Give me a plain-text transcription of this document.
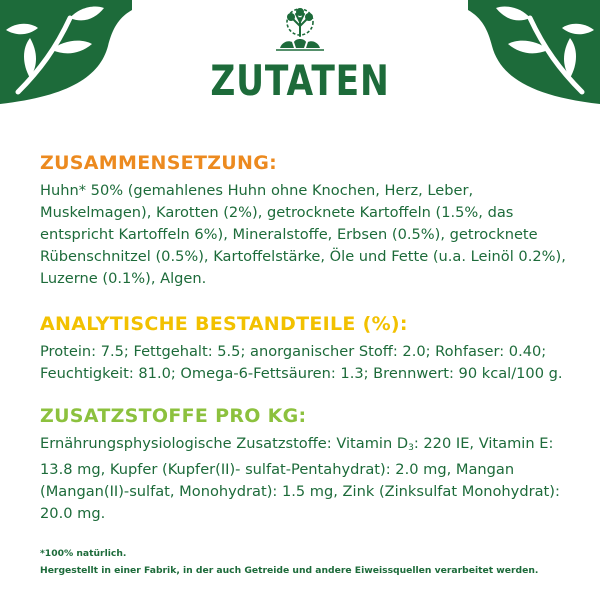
ZUTATEN
ZUSAMMENSETZUNG:

Huhn* 50% (gemahlenes Huhn ohne Knochen, Herz, Leber, Muskelmagen), Karotten (2%), getrocknete Kartoffeln (1.5%, das entspricht Kartoffeln 6%), Mineralstoffe, Erbsen (0.5%), getrocknete Rübenschnitzel (0.5%), Kartoffelstärke, Öle und Fette (u.a. Leinöl 0.2%), Luzerne (0.1%), Algen.

ANALYTISCHE BESTANDTEILE (%):

Protein: 7.5; Fettgehalt: 5.5; anorganischer Stoff: 2.0; Rohfaser: 0.40; Feuchtigkeit: 81.0; Omega-6-Fettsäuren: 1.3; Brennwert: 90 kcal/100 g.

ZUSATZSTOFFE PRO KG:

Ernährungsphysiologische Zusatzstoffe: Vitamin $D_3$: 220 IE, Vitamin E: 13.8 mg, Kupfer (Kupfer(II)- sulfat-Pentahydrat): 2.0 mg, Mangan (Mangan(II)-sulfat, Monohydrat): 1.5 mg, Zink (Zinksulfat Monohydrat): 20.0 mg.

*100% natürlich.
Hergestellt in einer Fabrik, in der auch Getreide und andere Eiweissquellen verarbeitet werden.
